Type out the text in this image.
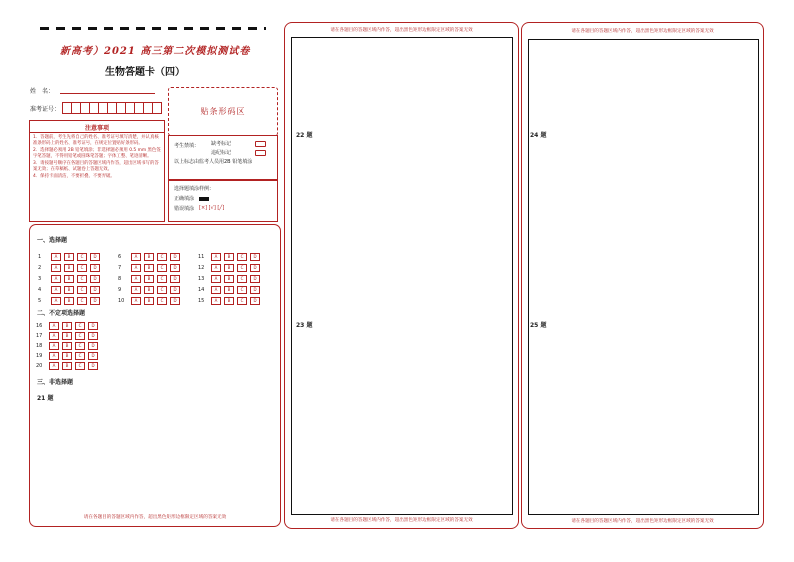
新高考）2021 高三第二次模拟测试卷
生物答题卡（四）
姓　名：
准考证号：	贴条形码区
注意事项
1．答题前，考生先将自己的姓名、准考证号填写清楚，并认真核准条形码上的姓名、准考证号，在规定位置贴好条形码。
2．选择题必须用 2B 铅笔填涂；非选择题必须用 0.5 mm 黑色签字笔答题，不得用铅笔或圆珠笔答题；字体工整、笔迹清晰。
3．请按题号顺序在各题目的答题区域内作答，超出区域书写的答案无效；在草稿纸、试题卷上答题无效。
4．保持卡面清洁，不要折叠、不要弄破。
考生禁填： 缺考标记
违纪标记
以上标志由监考人员用2B 铅笔填涂
选择题填涂样例：
正确填涂
错误填涂 [×] [√] [╱]
一、选择题
二、不定项选择题
三、非选择题
21 题
请在各题目的答题区域内作答，超出黑色矩形边框限定区域的答案无效
1	A	B	C	D
2	A	B	C	D
3	A	B	C	D
4	A	B	C	D
5	A	B	C	D
6	A	B	C	D
7	A	B	C	D
8	A	B	C	D
9	A	B	C	D
10	A	B	C	D
11	A	B	C	D
12	A	B	C	D
13	A	B	C	D
14	A	B	C	D
15	A	B	C	D
16	A	B	C	D
17	A	B	C	D
18	A	B	C	D
19	A	B	C	D
20	A	B	C	D
请在各题目的答题区域内作答，超出黑色矩形边框限定区域的答案无效
22 题
23 题
请在各题目的答题区域内作答，超出黑色矩形边框限定区域的答案无效
请在各题目的答题区域内作答，超出黑色矩形边框限定区域的答案无效
24 题
25 题
请在各题目的答题区域内作答，超出黑色矩形边框限定区域的答案无效
